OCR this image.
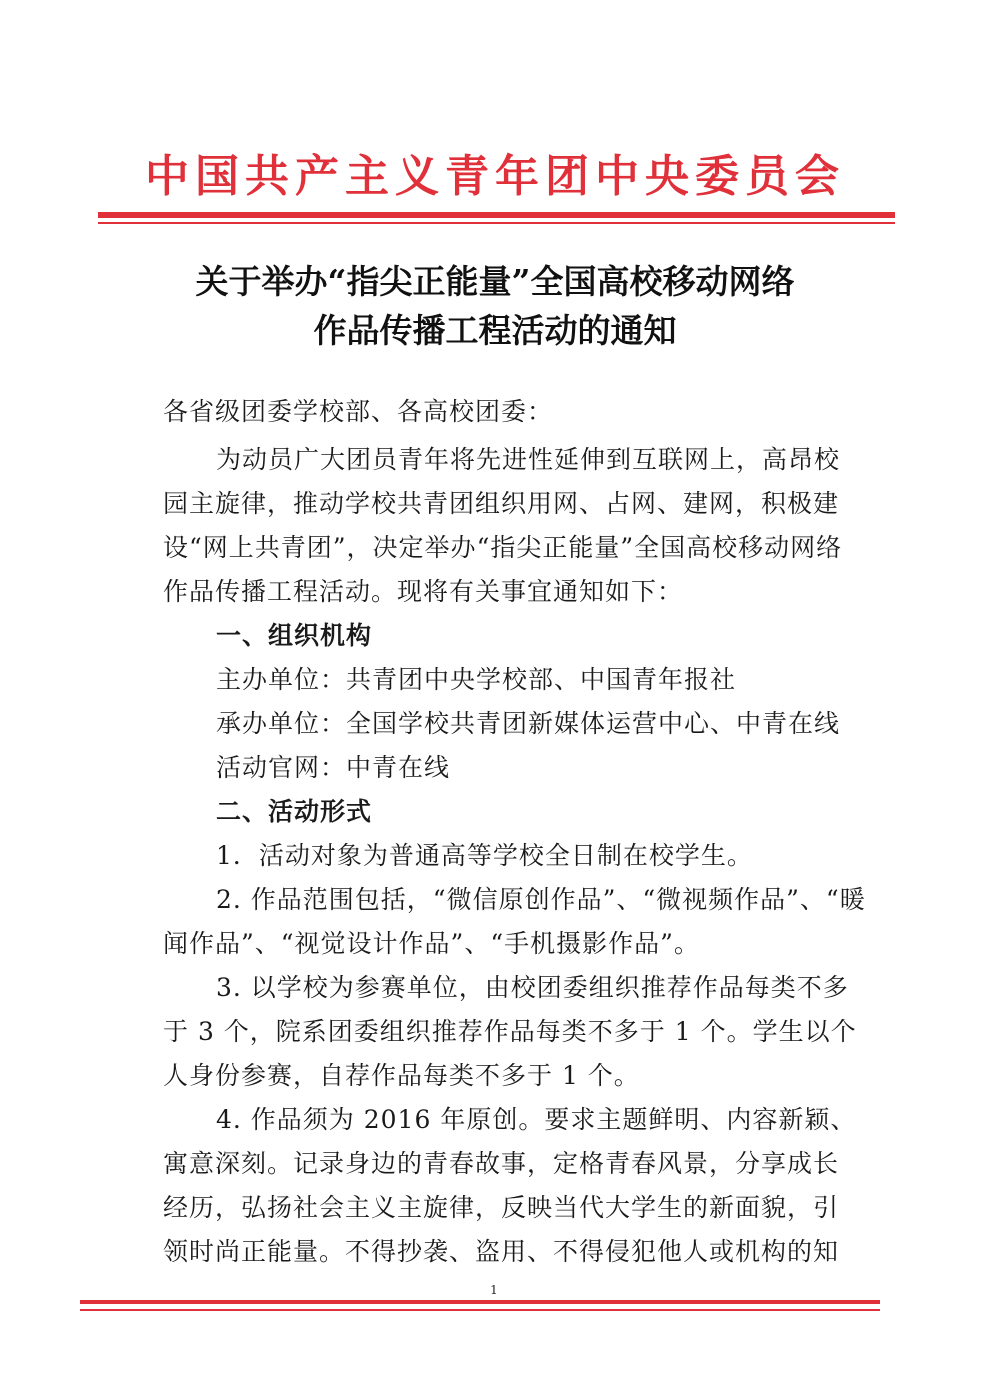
中国共产主义青年团中央委员会
关于举办“指尖正能量”全国高校移动网络
作品传播工程活动的通知
各省级团委学校部、各高校团委：
为动员广大团员青年将先进性延伸到互联网上，高昂校
园主旋律，推动学校共青团组织用网、占网、建网，积极建
设“网上共青团”，决定举办“指尖正能量”全国高校移动网络
作品传播工程活动。现将有关事宜通知如下：
一、组织机构
主办单位：共青团中央学校部、中国青年报社
承办单位：全国学校共青团新媒体运营中心、中青在线
活动官网：中青在线
二、活动形式
1．活动对象为普通高等学校全日制在校学生。
2. 作品范围包括，“微信原创作品”、“微视频作品”、“暖
闻作品”、“视觉设计作品”、“手机摄影作品”。
3. 以学校为参赛单位，由校团委组织推荐作品每类不多
于 3 个，院系团委组织推荐作品每类不多于 1 个。学生以个
人身份参赛，自荐作品每类不多于 1 个。
4. 作品须为 2016 年原创。要求主题鲜明、内容新颖、
寓意深刻。记录身边的青春故事，定格青春风景，分享成长
经历，弘扬社会主义主旋律，反映当代大学生的新面貌，引
领时尚正能量。不得抄袭、盗用、不得侵犯他人或机构的知
1
